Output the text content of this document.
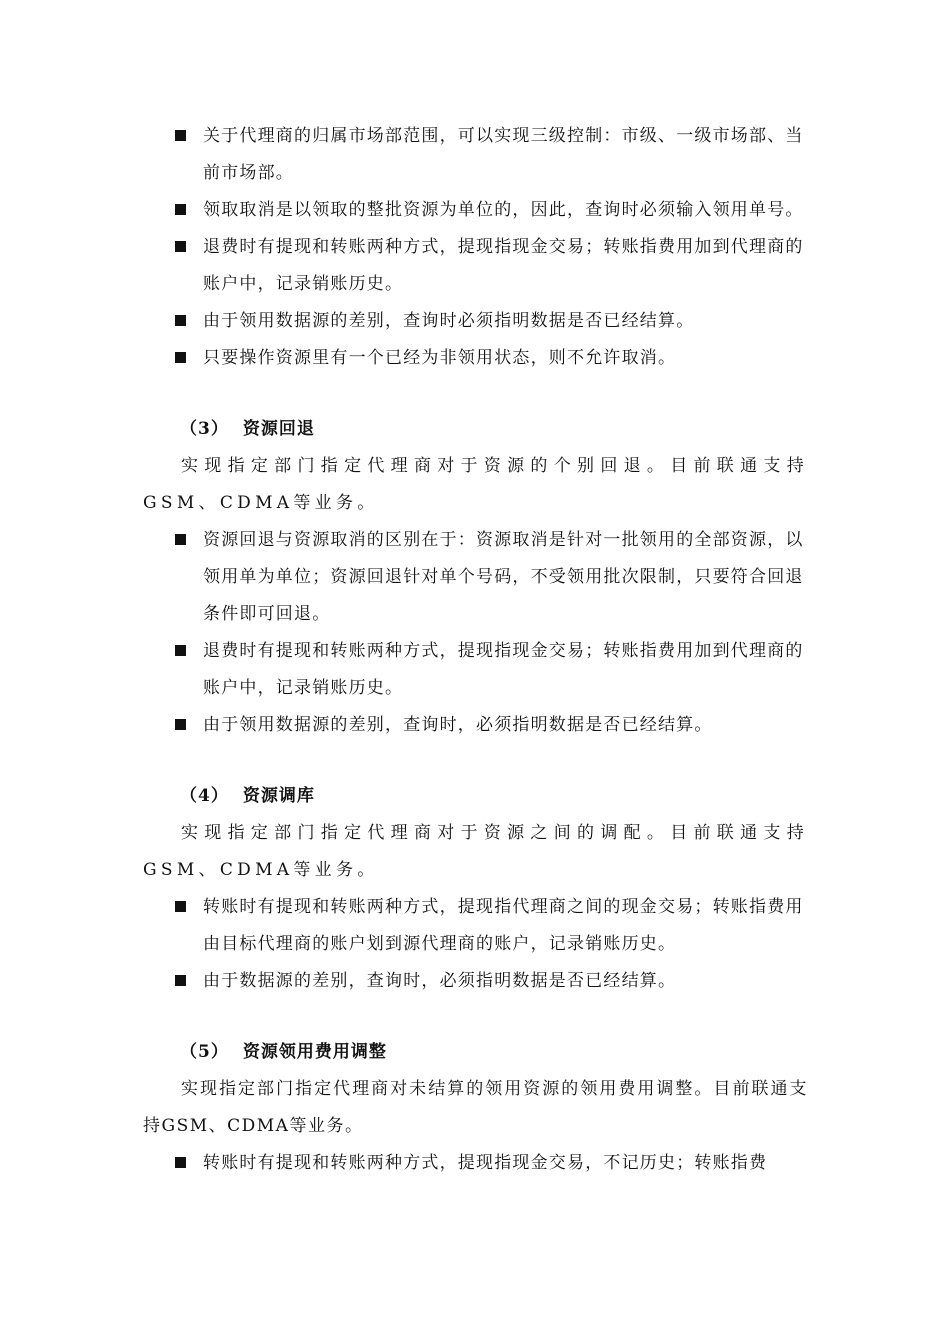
关于代理商的归属市场部范围，可以实现三级控制：市级、一级市场部、当前市场部。
领取取消是以领取的整批资源为单位的，因此，查询时必须输入领用单号。
退费时有提现和转账两种方式，提现指现金交易；转账指费用加到代理商的账户中，记录销账历史。
由于领用数据源的差别，查询时必须指明数据是否已经结算。
只要操作资源里有一个已经为非领用状态，则不允许取消。
（3） 资源回退
实现指定部门指定代理商对于资源的个别回退。目前联通支持GSM、CDMA等业务。
资源回退与资源取消的区别在于：资源取消是针对一批领用的全部资源，以领用单为单位；资源回退针对单个号码，不受领用批次限制，只要符合回退条件即可回退。
退费时有提现和转账两种方式，提现指现金交易；转账指费用加到代理商的账户中，记录销账历史。
由于领用数据源的差别，查询时，必须指明数据是否已经结算。
（4） 资源调库
实现指定部门指定代理商对于资源之间的调配。目前联通支持GSM、CDMA等业务。
转账时有提现和转账两种方式，提现指代理商之间的现金交易；转账指费用由目标代理商的账户划到源代理商的账户，记录销账历史。
由于数据源的差别，查询时，必须指明数据是否已经结算。
（5） 资源领用费用调整
实现指定部门指定代理商对未结算的领用资源的领用费用调整。目前联通支持GSM、CDMA等业务。
转账时有提现和转账两种方式，提现指现金交易，不记历史；转账指费
